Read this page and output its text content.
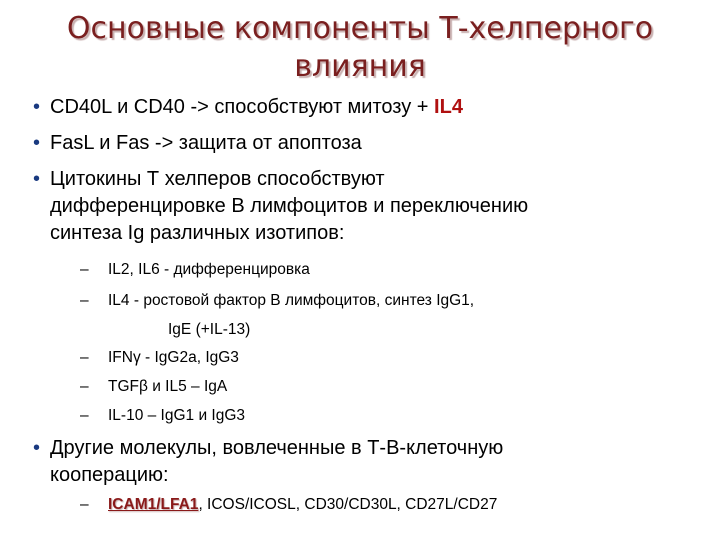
Основные компоненты Т-хелперного
влияния
• CD40L и CD40 -> способствуют митозу + IL4
• FasL и Fas -> защита от апоптоза
• Цитокины Т хелперов способствуют
дифференцировке В лимфоцитов и переключению
синтеза Ig различных изотипов:
– IL2, IL6 - дифференцировка
– IL4 - ростовой фактор В лимфоцитов, синтез IgG1,
IgE (+IL-13)
– IFNγ - IgG2a, IgG3
– TGFβ и IL5 – IgA
– IL-10 – IgG1 и IgG3
• Другие молекулы, вовлеченные в Т-В-клеточную
кооперацию:
– ICAM1/LFA1, ICOS/ICOSL, CD30/CD30L, CD27L/CD27
